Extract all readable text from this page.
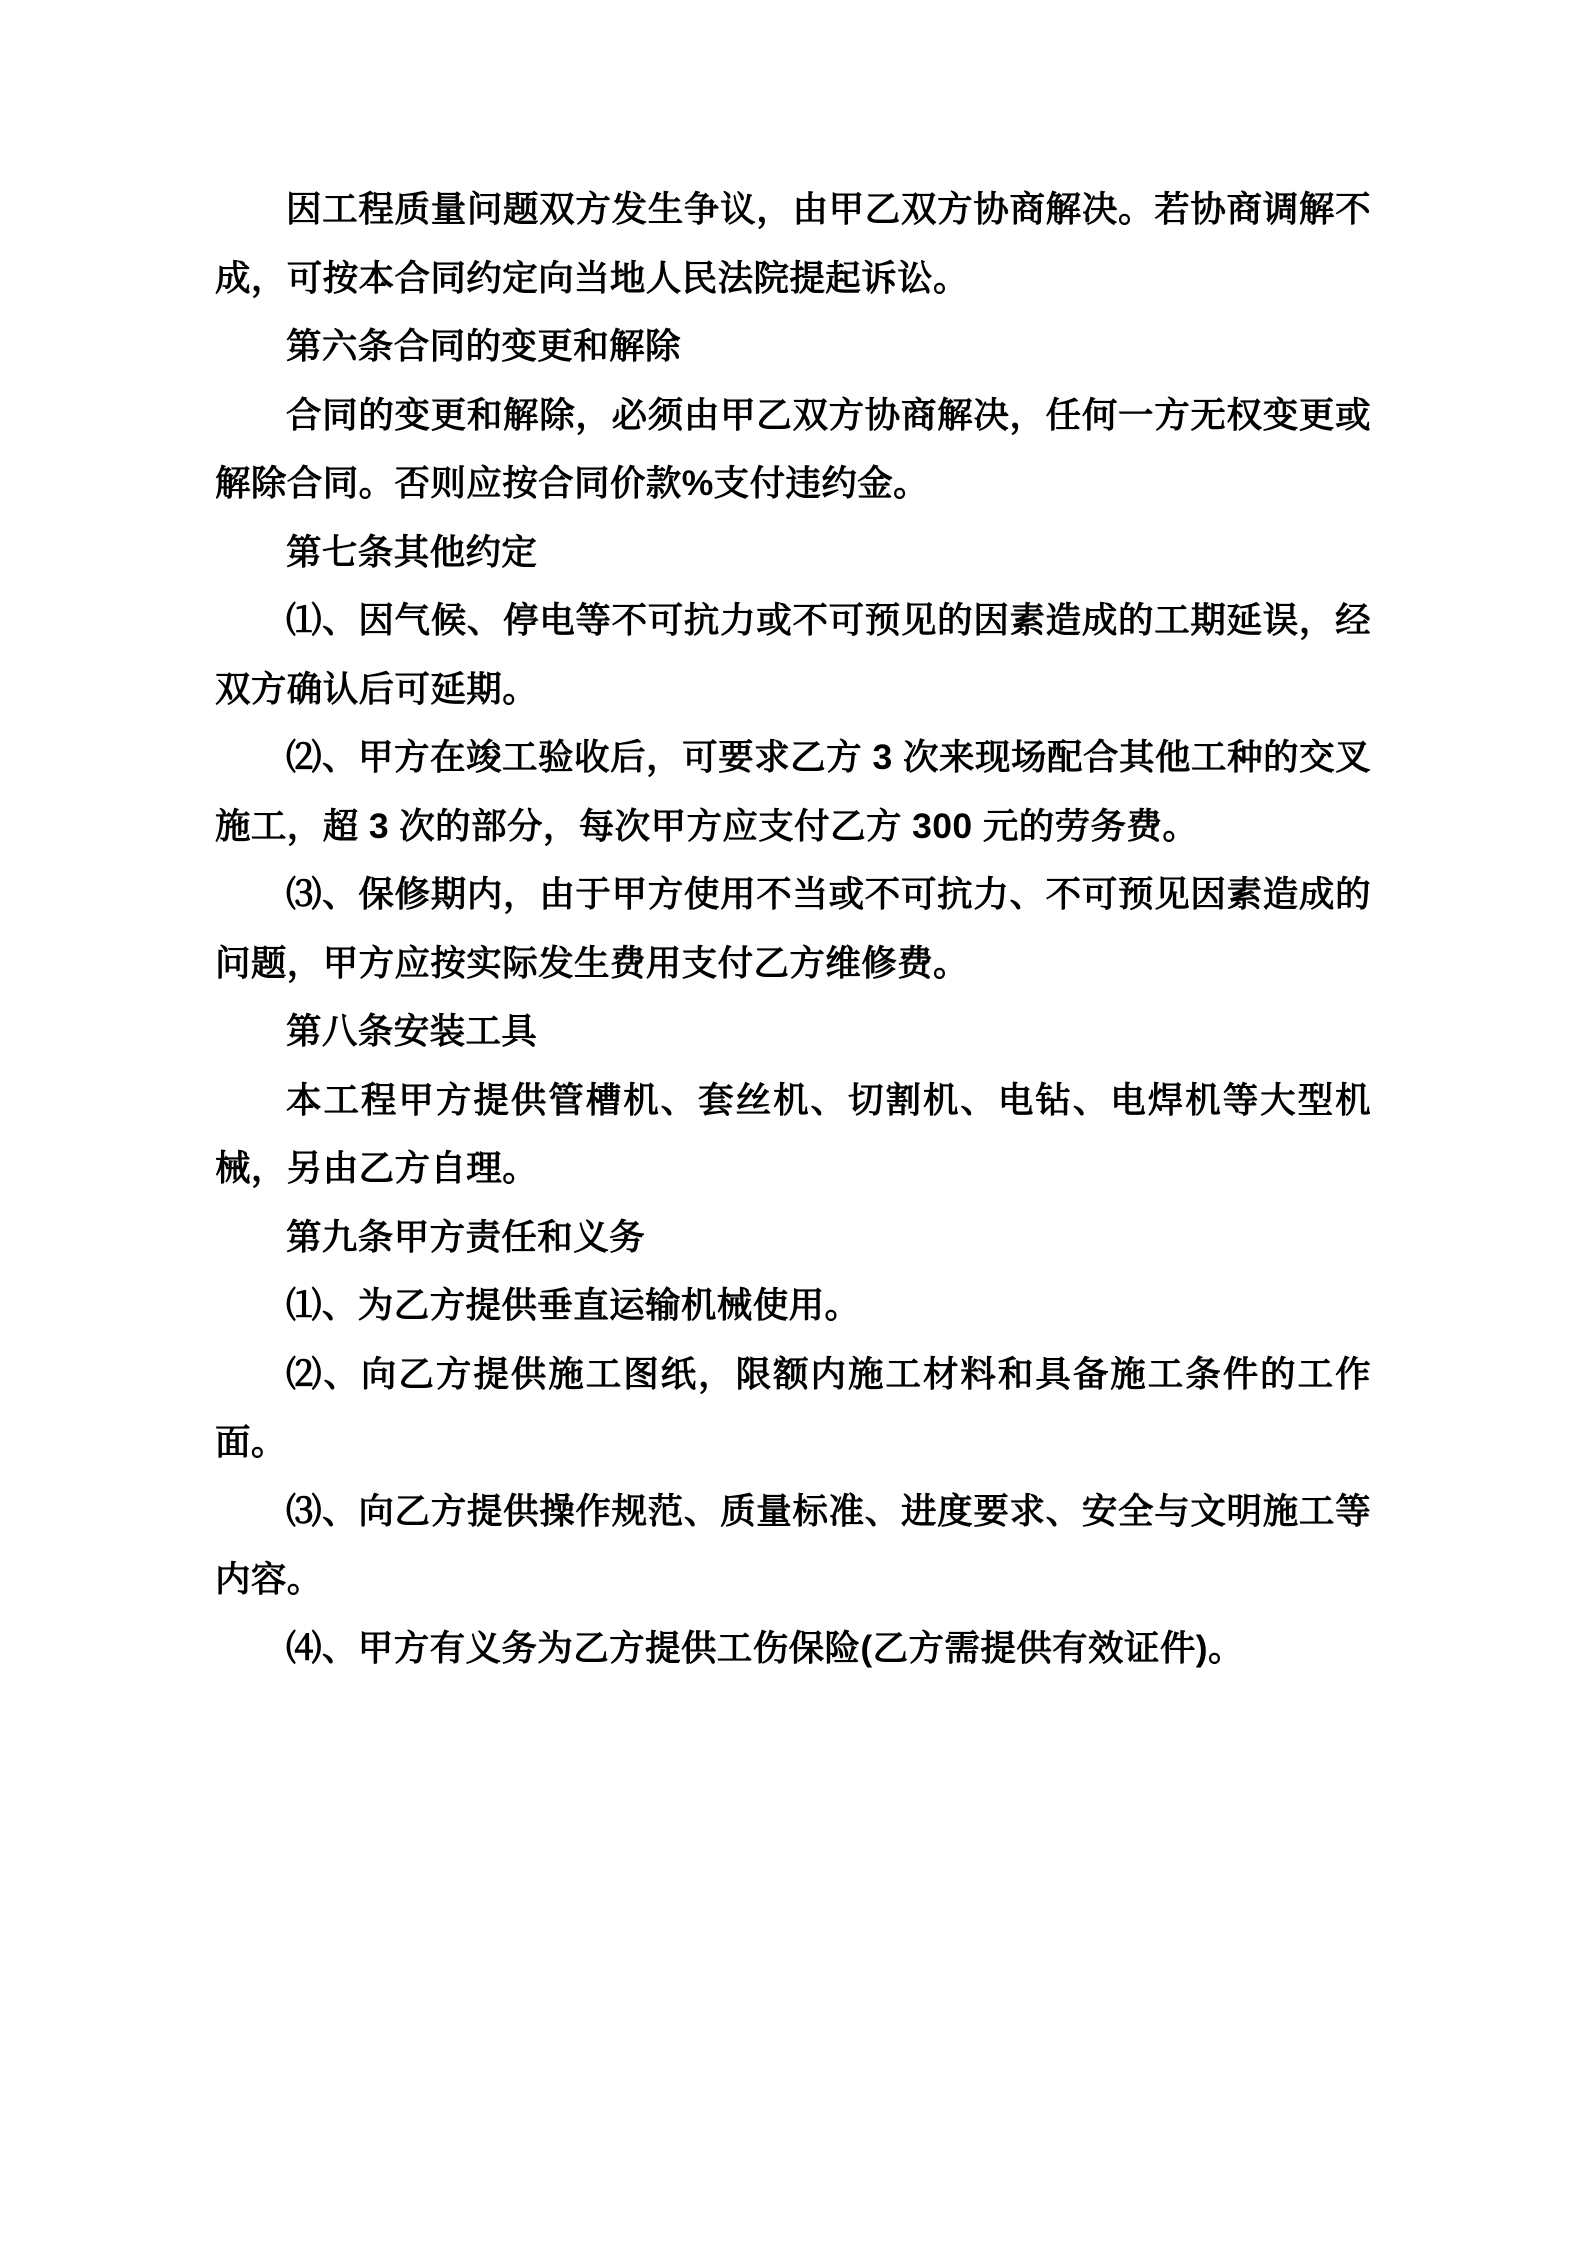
因工程质量问题双方发生争议，由甲乙双方协商解决。若协商调解不成，可按本合同约定向当地人民法院提起诉讼。

第六条合同的变更和解除

合同的变更和解除，必须由甲乙双方协商解决，任何一方无权变更或解除合同。否则应按合同价款%支付违约金。

第七条其他约定

⑴、因气候、停电等不可抗力或不可预见的因素造成的工期延误，经双方确认后可延期。

⑵、甲方在竣工验收后，可要求乙方 3 次来现场配合其他工种的交叉施工，超 3 次的部分，每次甲方应支付乙方 300 元的劳务费。

⑶、保修期内，由于甲方使用不当或不可抗力、不可预见因素造成的问题，甲方应按实际发生费用支付乙方维修费。

第八条安装工具

本工程甲方提供管槽机、套丝机、切割机、电钻、电焊机等大型机械，另由乙方自理。

第九条甲方责任和义务

⑴、为乙方提供垂直运输机械使用。

⑵、向乙方提供施工图纸，限额内施工材料和具备施工条件的工作面。

⑶、向乙方提供操作规范、质量标准、进度要求、安全与文明施工等内容。

⑷、甲方有义务为乙方提供工伤保险(乙方需提供有效证件)。
